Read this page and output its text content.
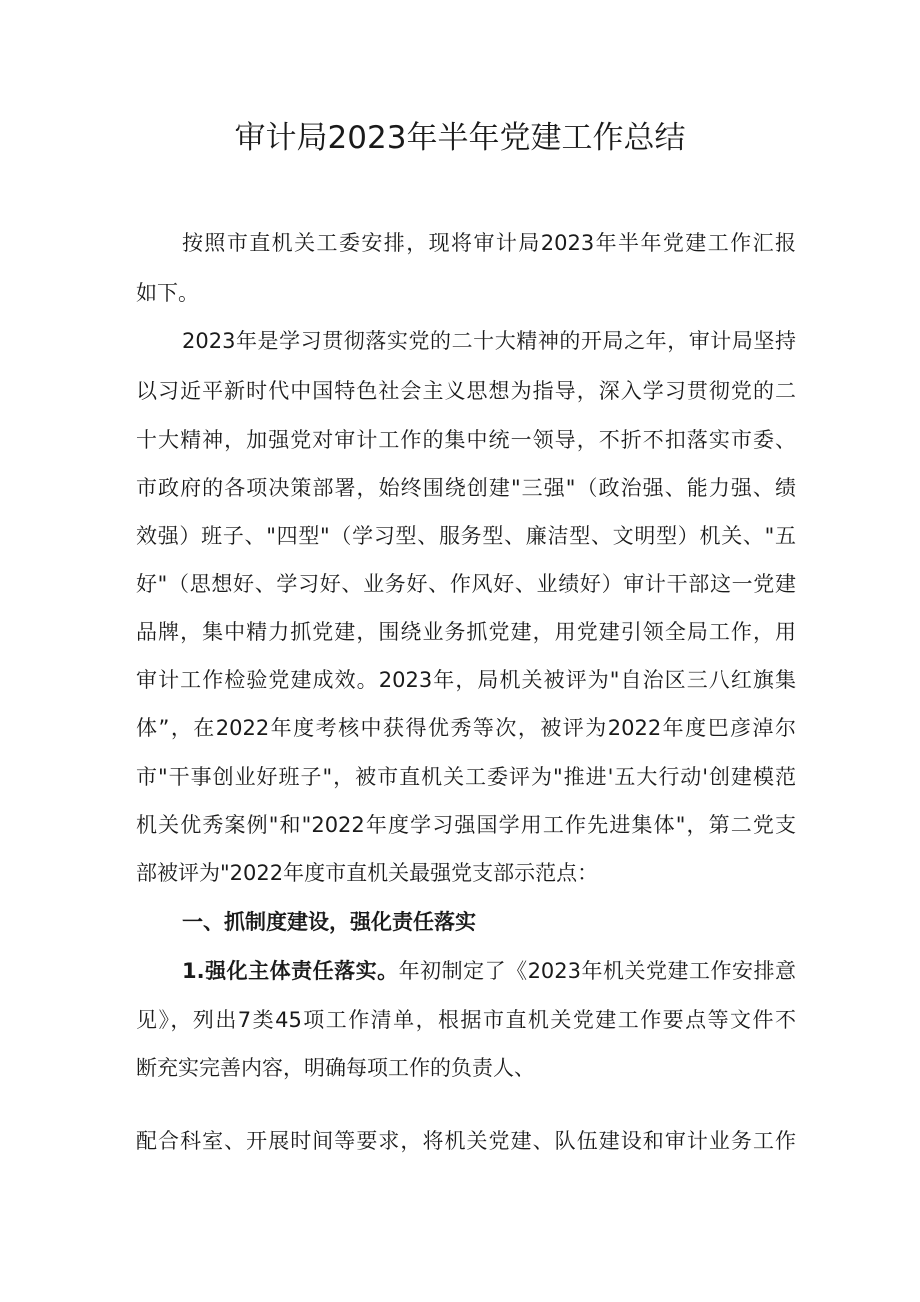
审计局2023年半年党建工作总结
按照市直机关工委安排，现将审计局2023年半年党建工作汇报
如下。
2023年是学习贯彻落实党的二十大精神的开局之年，审计局坚持
以习近平新时代中国特色社会主义思想为指导，深入学习贯彻党的二
十大精神，加强党对审计工作的集中统一领导，不折不扣落实市委、
市政府的各项决策部署，始终围绕创建"三强"（政治强、能力强、绩
效强）班子、"四型"（学习型、服务型、廉洁型、文明型）机关、"五
好"（思想好、学习好、业务好、作风好、业绩好）审计干部这一党建
品牌，集中精力抓党建，围绕业务抓党建，用党建引领全局工作，用
审计工作检验党建成效。2023年，局机关被评为"自治区三八红旗集
体”，在2022年度考核中获得优秀等次，被评为2022年度巴彦淖尔
市"干事创业好班子"，被市直机关工委评为"推进'五大行动'创建模范
机关优秀案例"和"2022年度学习强国学用工作先进集体"，第二党支
部被评为"2022年度市直机关最强党支部示范点：
一、抓制度建设，强化责任落实
1.强化主体责任落实。年初制定了《2023年机关党建工作安排意
见》，列出7类45项工作清单，根据市直机关党建工作要点等文件不
断充实完善内容，明确每项工作的负责人、
配合科室、开展时间等要求，将机关党建、队伍建设和审计业务工作
